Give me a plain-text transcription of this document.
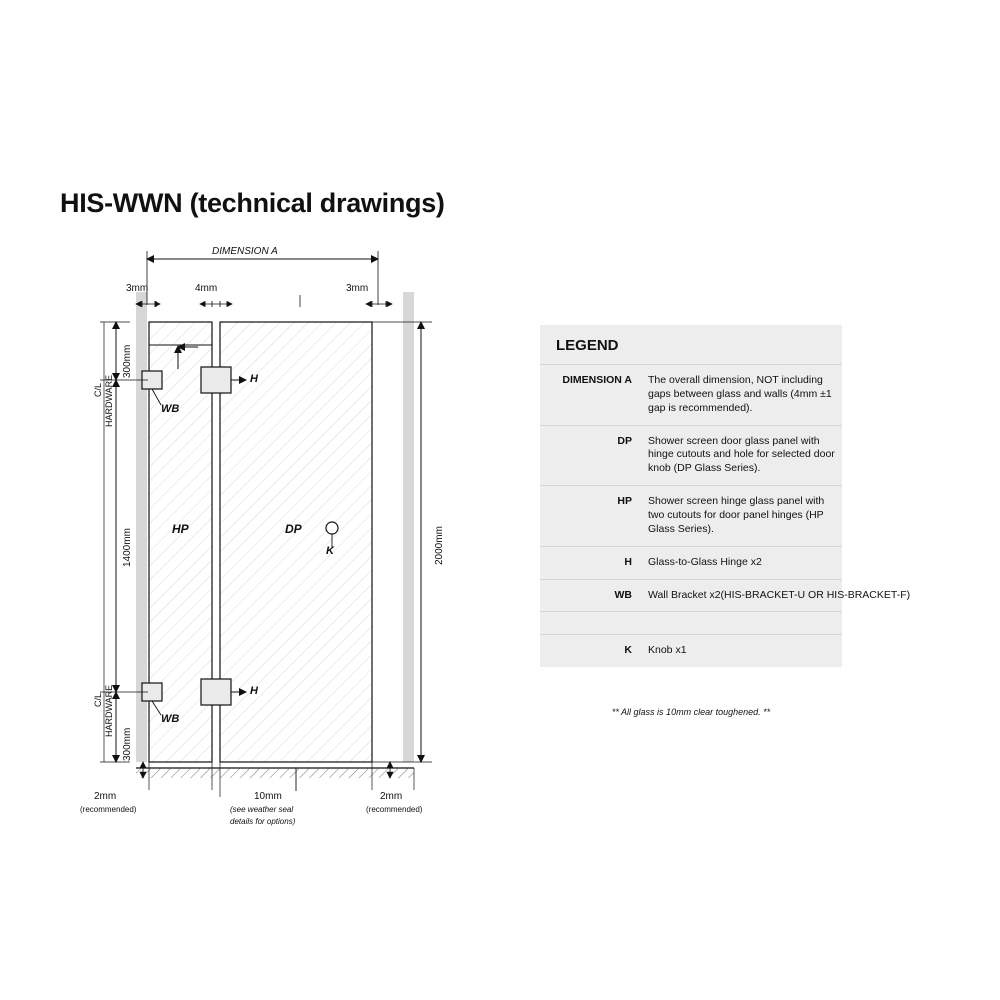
HIS-WWN (technical drawings)
DIMENSION A
3mm	4mm	3mm
2000mm
300mm
1400mm
300mm
C/L HARDWARE
C/L HARDWARE
HP	DP
H
H
WB
WB
K
2mm
(recommended)
10mm
(see weather seal
details for options)
2mm
(recommended)
LEGEND
DIMENSION A	The overall dimension, NOT including gaps between glass and walls (4mm ±1 gap is recommended).
DP	Shower screen door glass panel with hinge cutouts and hole for selected door knob (DP Glass Series).
HP	Shower screen hinge glass panel with two cutouts for door panel hinges (HP Glass Series).
H	Glass-to-Glass Hinge x2
WB	Wall Bracket x2(HIS-BRACKET-U OR HIS-BRACKET-F)
K	Knob x1
** All glass is 10mm clear toughened. **
